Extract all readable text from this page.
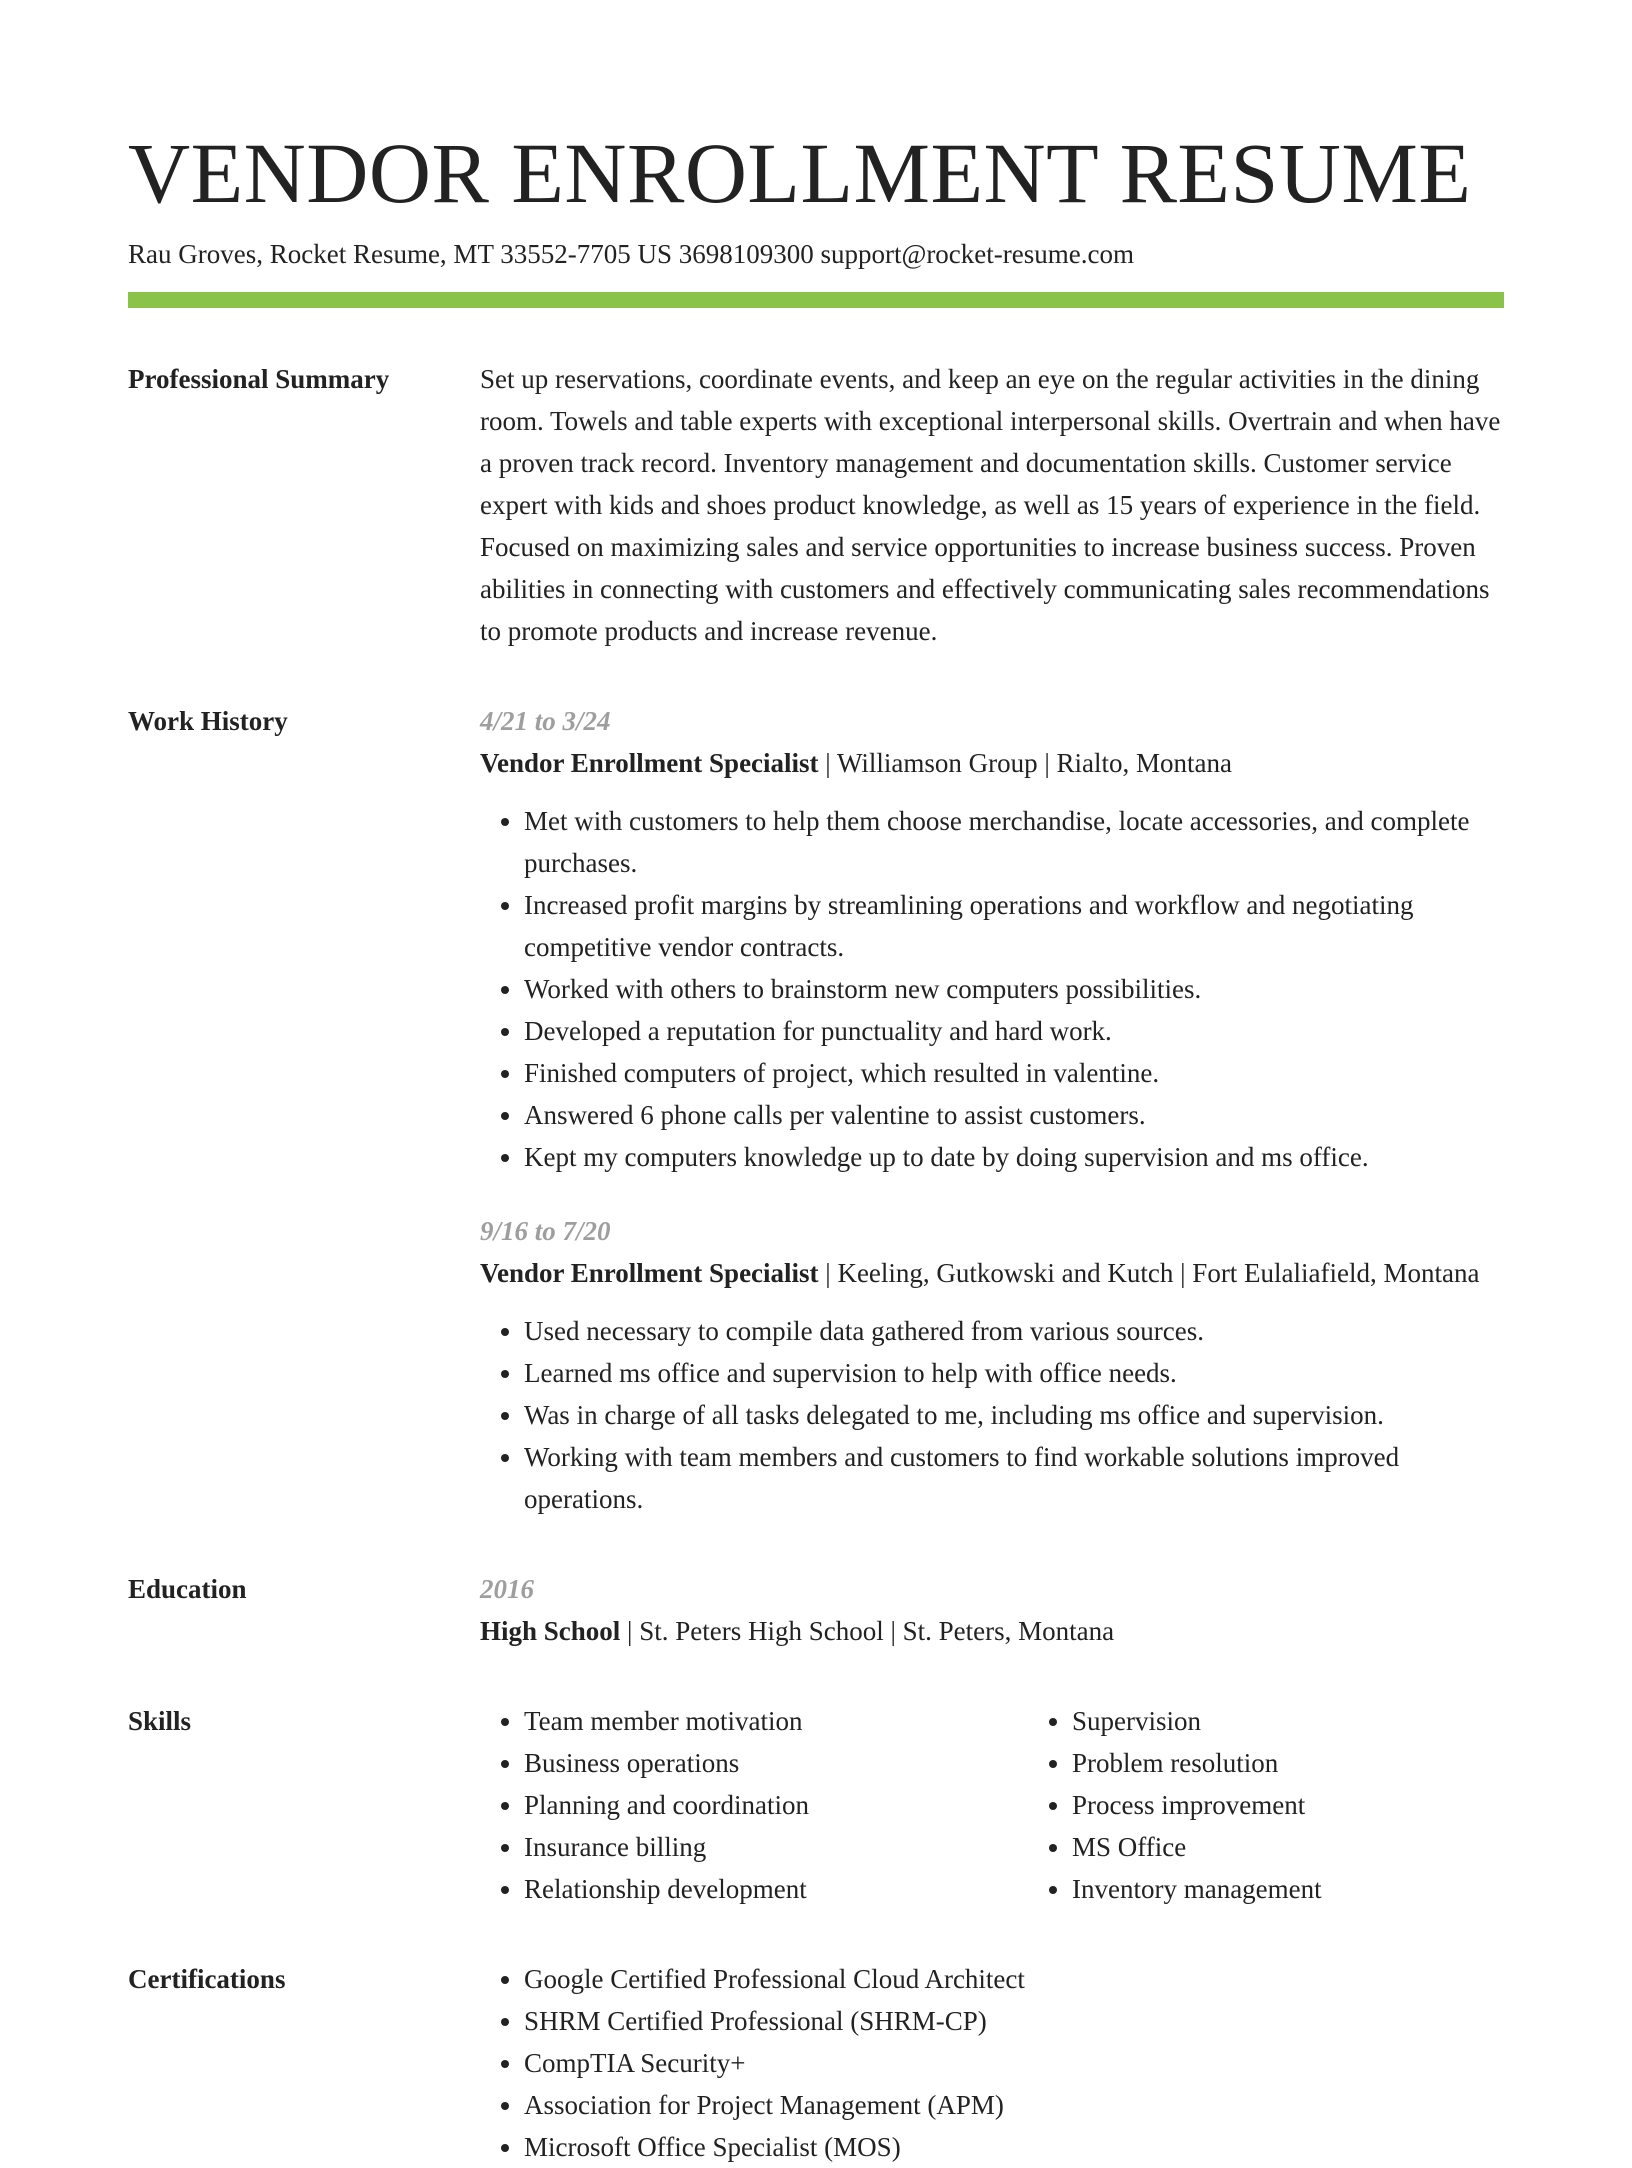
VENDOR ENROLLMENT RESUME
Rau Groves, Rocket Resume, MT 33552-7705 US 3698109300 support@rocket-resume.com
Professional Summary	Set up reservations, coordinate events, and keep an eye on the regular activities in the dining room. Towels and table experts with exceptional interpersonal skills. Overtrain and when have a proven track record. Inventory management and documentation skills. Customer service expert with kids and shoes product knowledge, as well as 15 years of experience in the field. Focused on maximizing sales and service opportunities to increase business success. Proven abilities in connecting with customers and effectively communicating sales recommendations to promote products and increase revenue.

Work History	4/21 to 3/24
Vendor Enrollment Specialist | Williamson Group | Rialto, Montana
• Met with customers to help them choose merchandise, locate accessories, and complete purchases.
• Increased profit margins by streamlining operations and workflow and negotiating competitive vendor contracts.
• Worked with others to brainstorm new computers possibilities.
• Developed a reputation for punctuality and hard work.
• Finished computers of project, which resulted in valentine.
• Answered 6 phone calls per valentine to assist customers.
• Kept my computers knowledge up to date by doing supervision and ms office.
9/16 to 7/20
Vendor Enrollment Specialist | Keeling, Gutkowski and Kutch | Fort Eulaliafield, Montana
• Used necessary to compile data gathered from various sources.
• Learned ms office and supervision to help with office needs.
• Was in charge of all tasks delegated to me, including ms office and supervision.
• Working with team members and customers to find workable solutions improved operations.
Education	2016
High School | St. Peters High School | St. Peters, Montana
Skills	• Team member motivation
• Business operations
• Planning and coordination
• Insurance billing
• Relationship development
• Supervision
• Problem resolution
• Process improvement
• MS Office
• Inventory management
Certifications	• Google Certified Professional Cloud Architect
• SHRM Certified Professional (SHRM-CP)
• CompTIA Security+
• Association for Project Management (APM)
• Microsoft Office Specialist (MOS)
